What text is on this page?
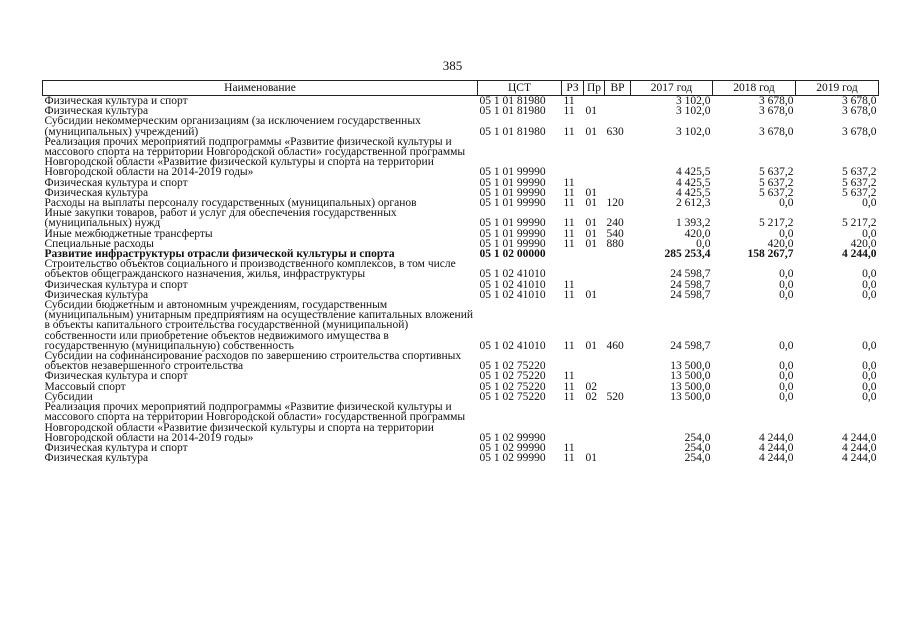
385
Наименование	ЦСТ	РЗ	Пр	ВР	2017 год	2018 год	2019 год
Физическая культура и спорт	05 1 01 81980	11			3 102,0	3 678,0	3 678,0
Физическая культура	05 1 01 81980	11	01		3 102,0	3 678,0	3 678,0
Субсидии некоммерческим организациям (за исключением государственных (муниципальных) учреждений)	05 1 01 81980	11	01	630	3 102,0	3 678,0	3 678,0
Реализация прочих мероприятий подпрограммы «Развитие физической культуры и массового спорта на территории Новгородской области» государственной программы Новгородской области «Развитие физической культуры и спорта на территории Новгородской области на 2014-2019 годы»	05 1 01 99990				4 425,5	5 637,2	5 637,2
Физическая культура и спорт	05 1 01 99990	11			4 425,5	5 637,2	5 637,2
Физическая культура	05 1 01 99990	11	01		4 425,5	5 637,2	5 637,2
Расходы на выплаты персоналу государственных (муниципальных) органов	05 1 01 99990	11	01	120	2 612,3	0,0	0,0
Иные закупки товаров, работ и услуг для обеспечения государственных (муниципальных) нужд	05 1 01 99990	11	01	240	1 393,2	5 217,2	5 217,2
Иные межбюджетные трансферты	05 1 01 99990	11	01	540	420,0	0,0	0,0
Специальные расходы	05 1 01 99990	11	01	880	0,0	420,0	420,0
Развитие инфраструктуры отрасли физической культуры и спорта	05 1 02 00000				285 253,4	158 267,7	4 244,0
Строительство объектов социального и производственного комплексов, в том числе объектов общегражданского назначения, жилья, инфраструктуры	05 1 02 41010				24 598,7	0,0	0,0
Физическая культура и спорт	05 1 02 41010	11			24 598,7	0,0	0,0
Физическая культура	05 1 02 41010	11	01		24 598,7	0,0	0,0
Субсидии бюджетным и автономным учреждениям, государственным (муниципальным) унитарным предприятиям на осуществление капитальных вложений в объекты капитального строительства государственной (муниципальной) собственности или приобретение объектов недвижимого имущества в государственную (муниципальную) собственность	05 1 02 41010	11	01	460	24 598,7	0,0	0,0
Субсидии на софинансирование расходов по завершению строительства спортивных объектов незавершенного строительства	05 1 02 75220				13 500,0	0,0	0,0
Физическая культура и спорт	05 1 02 75220	11			13 500,0	0,0	0,0
Массовый спорт	05 1 02 75220	11	02		13 500,0	0,0	0,0
Субсидии	05 1 02 75220	11	02	520	13 500,0	0,0	0,0
Реализация прочих мероприятий подпрограммы «Развитие физической культуры и массового спорта на территории Новгородской области» государственной программы Новгородской области «Развитие физической культуры и спорта на территории Новгородской области на 2014-2019 годы»	05 1 02 99990				254,0	4 244,0	4 244,0
Физическая культура и спорт	05 1 02 99990	11			254,0	4 244,0	4 244,0
Физическая культура	05 1 02 99990	11	01		254,0	4 244,0	4 244,0
